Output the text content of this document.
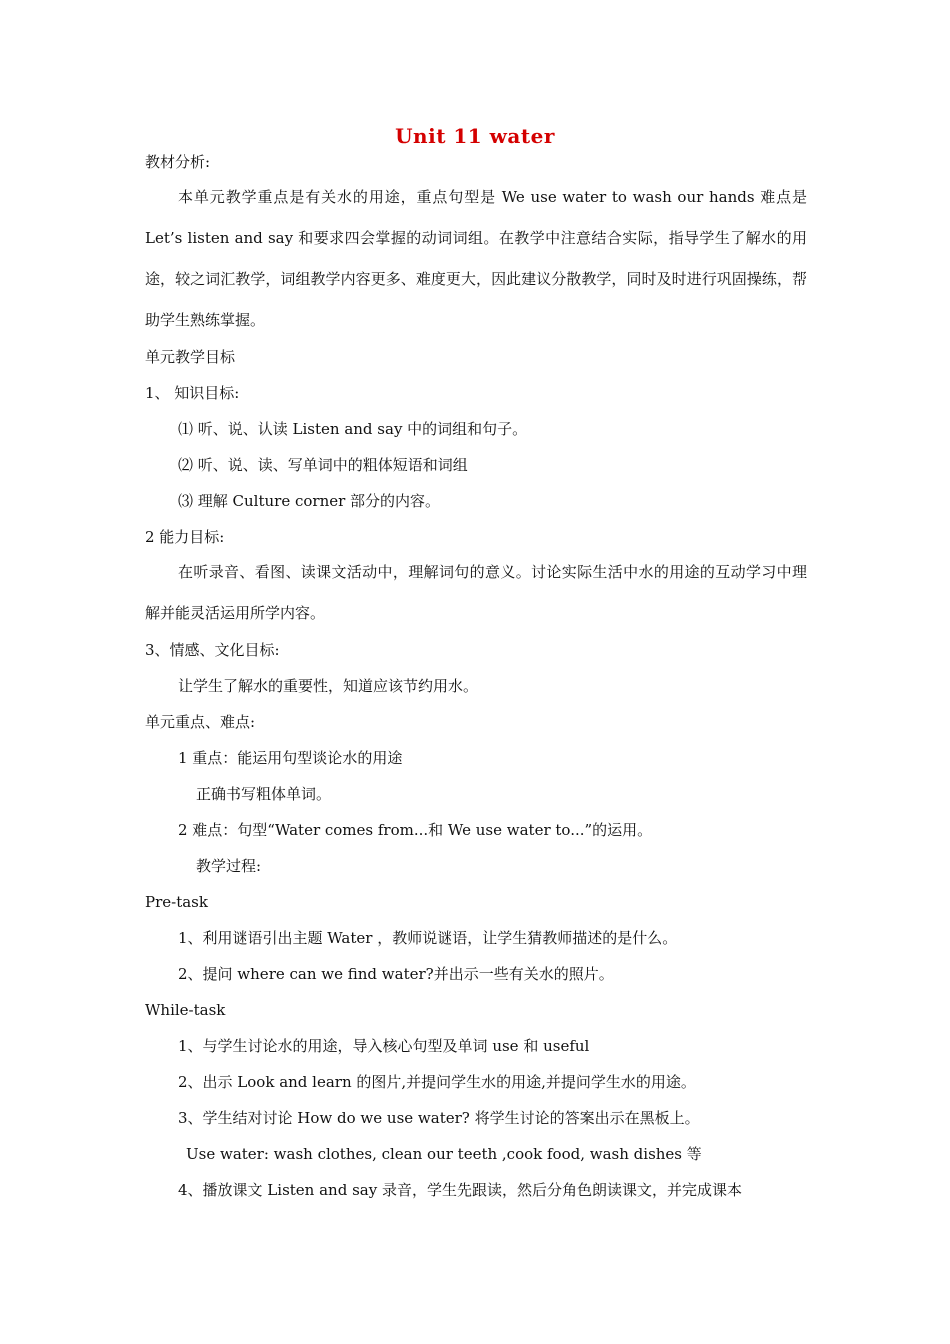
Unit 11 water
教材分析:
本单元教学重点是有关水的用途，重点句型是 We use water to wash our hands 难点是 Let’s listen and say 和要求四会掌握的动词词组。在教学中注意结合实际，指导学生了解水的用途，较之词汇教学，词组教学内容更多、难度更大，因此建议分散教学，同时及时进行巩固操练，帮助学生熟练掌握。
单元教学目标
1、 知识目标:
⑴ 听、说、认读 Listen and say 中的词组和句子。
⑵ 听、说、读、写单词中的粗体短语和词组
⑶ 理解 Culture corner 部分的内容。
2 能力目标:
在听录音、看图、读课文活动中，理解词句的意义。讨论实际生活中水的用途的互动学习中理解并能灵活运用所学内容。
3、情感、文化目标:
让学生了解水的重要性，知道应该节约用水。
单元重点、难点:
1 重点：能运用句型谈论水的用途
正确书写粗体单词。
2 难点：句型“Water comes from...和 We use water to...”的运用。
教学过程:
Pre-task
1、利用谜语引出主题 Water ，教师说谜语，让学生猜教师描述的是什么。
2、提问 where can we find water?并出示一些有关水的照片。
While-task
1、与学生讨论水的用途，导入核心句型及单词 use 和 useful
2、出示 Look and learn 的图片,并提问学生水的用途,并提问学生水的用途。
3、学生结对讨论 How do we use water? 将学生讨论的答案出示在黑板上。
Use water: wash clothes, clean our teeth ,cook food, wash dishes 等
4、播放课文 Listen and say 录音，学生先跟读，然后分角色朗读课文，并完成课本
